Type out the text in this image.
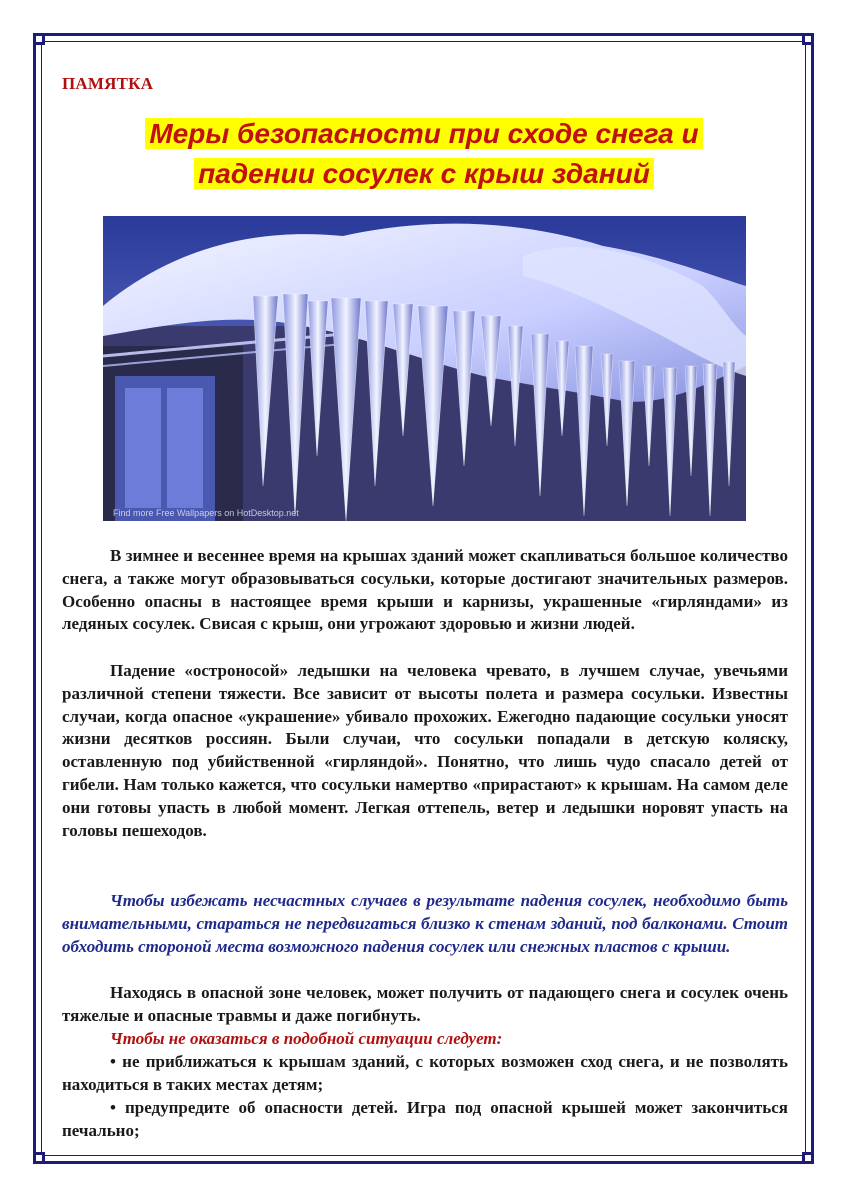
ПАМЯТКА
Меры безопасности при сходе снега и
падении сосулек с крыш зданий
Find more Free Wallpapers on HotDesktop.net

В зимнее и весеннее время на крышах зданий может скапливаться большое количество снега, а также могут образовываться сосульки, которые достигают значительных размеров. Особенно опасны в настоящее время крыши и карнизы, украшенные «гирляндами» из ледяных сосулек. Свисая с крыш, они угрожают здоровью и жизни людей.

Падение «остроносой» ледышки на человека чревато, в лучшем случае, увечьями различной степени тяжести. Все зависит от высоты полета и размера сосульки. Известны случаи, когда опасное «украшение» убивало прохожих. Ежегодно падающие сосульки уносят жизни десятков россиян. Были случаи, что сосульки попадали в детскую коляску, оставленную под убийственной «гирляндой». Понятно, что лишь чудо спасало детей от гибели. Нам только кажется, что сосульки намертво «прирастают» к крышам. На самом деле они готовы упасть в любой момент. Легкая оттепель, ветер и ледышки норовят упасть на головы пешеходов.

Чтобы избежать несчастных случаев в результате падения сосулек, необходимо быть внимательными, стараться не передвигаться близко к стенам зданий, под балконами. Стоит обходить стороной места возможного падения сосулек или снежных пластов с крыши.

Находясь в опасной зоне человек, может получить от падающего снега и сосулек очень тяжелые и опасные травмы и даже погибнуть.

Чтобы не оказаться в подобной ситуации следует:

• не приближаться к крышам зданий, с которых возможен сход снега, и не позволять находиться в таких местах детям;

• предупредите об опасности детей. Игра под опасной крышей может закончиться печально;
